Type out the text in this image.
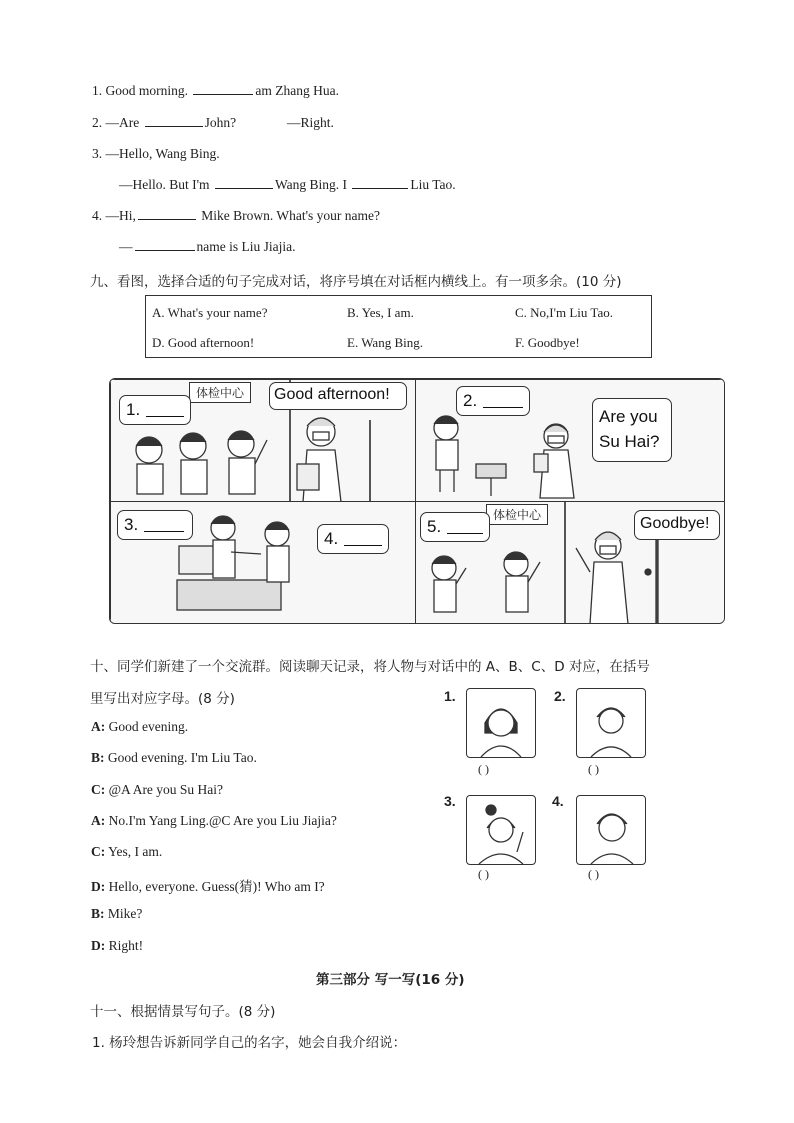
1. Good morning.	am Zhang Hua.
2. —Are	John?	—Right.
3. —Hello, Wang Bing.
—Hello. But I'm	Wang Bing. I	Liu Tao.
4. —Hi,	Mike Brown. What's your name?
—	name is Liu Jiajia.
九、看图，选择合适的句子完成对话，将序号填在对话框内横线上。有一项多余。(10 分)
A. What's your name?	B. Yes, I am.	C. No,I'm Liu Tao.
D. Good afternoon!	E. Wang Bing.	F. Goodbye!
体检中心
1.
Good afternoon!	2.
Are you
Su Hai?
3.
4.
体检中心
5.	Goodbye!
十、同学们新建了一个交流群。阅读聊天记录，将人物与对话中的 A、B、C、D 对应，在括号
里写出对应字母。(8 分)
A: Good evening.
B: Good evening. I'm Liu Tao.
C: @A Are you Su Hai?
A: No.I'm Yang Ling.@C Are you Liu Jiajia?
C: Yes, I am.
D: Hello, everyone. Guess(猜)! Who am I?
B: Mike?
D: Right!
1.
( )
2.
( )
3.
( )
4.
( )
第三部分 写一写(16 分)
十一、根据情景写句子。(8 分)
1. 杨玲想告诉新同学自己的名字，她会自我介绍说：
